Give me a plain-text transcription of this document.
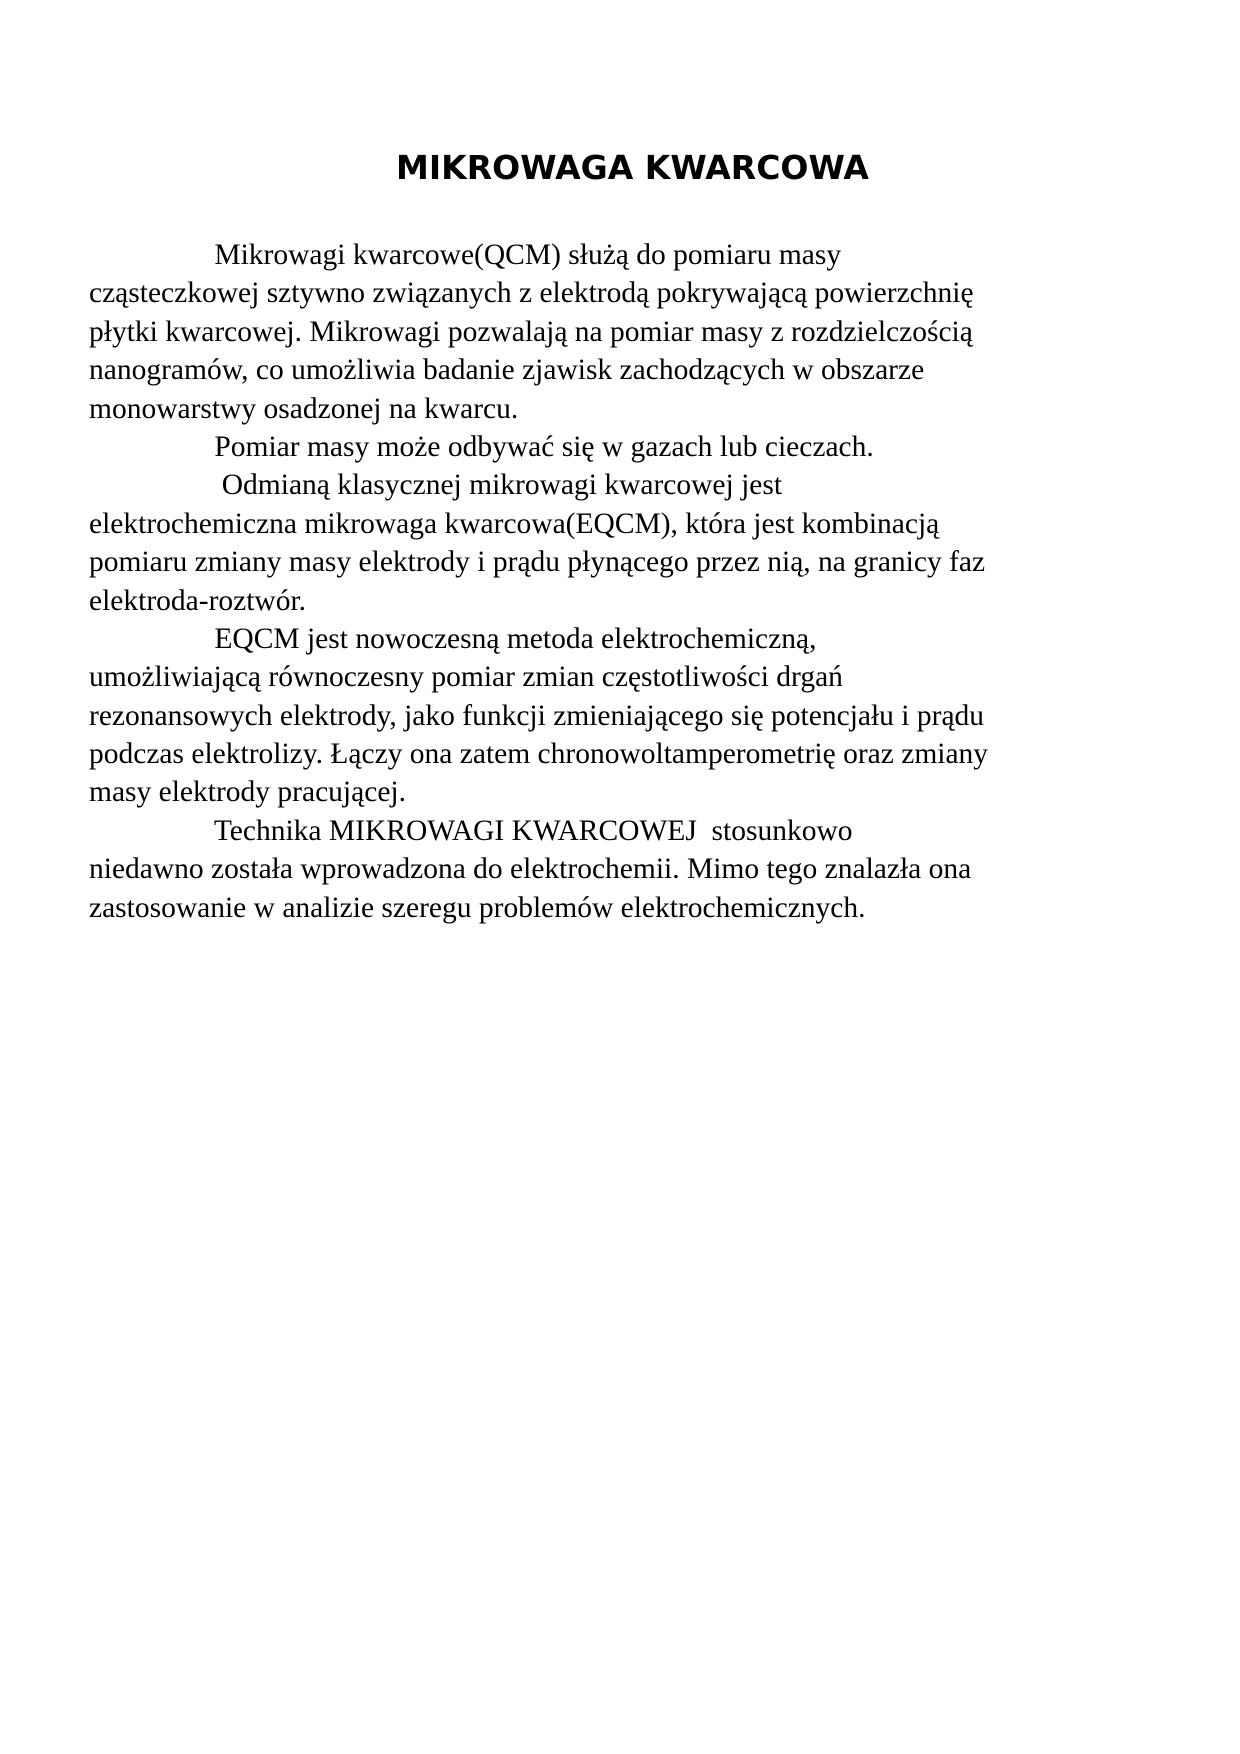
MIKROWAGA KWARCOWA
Mikrowagi kwarcowe(QCM) służą do pomiaru masy
cząsteczkowej sztywno związanych z elektrodą pokrywającą powierzchnię
płytki kwarcowej. Mikrowagi pozwalają na pomiar masy z rozdzielczością
nanogramów, co umożliwia badanie zjawisk zachodzących w obszarze
monowarstwy osadzonej na kwarcu.
Pomiar masy może odbywać się w gazach lub cieczach.
Odmianą klasycznej mikrowagi kwarcowej jest
elektrochemiczna mikrowaga kwarcowa(EQCM), która jest kombinacją
pomiaru zmiany masy elektrody i prądu płynącego przez nią, na granicy faz
elektroda-roztwór.
EQCM jest nowoczesną metoda elektrochemiczną,
umożliwiającą równoczesny pomiar zmian częstotliwości drgań
rezonansowych elektrody, jako funkcji zmieniającego się potencjału i prądu
podczas elektrolizy. Łączy ona zatem chronowoltamperometrię oraz zmiany
masy elektrody pracującej.
Technika MIKROWAGI KWARCOWEJ  stosunkowo
niedawno została wprowadzona do elektrochemii. Mimo tego znalazła ona
zastosowanie w analizie szeregu problemów elektrochemicznych.
